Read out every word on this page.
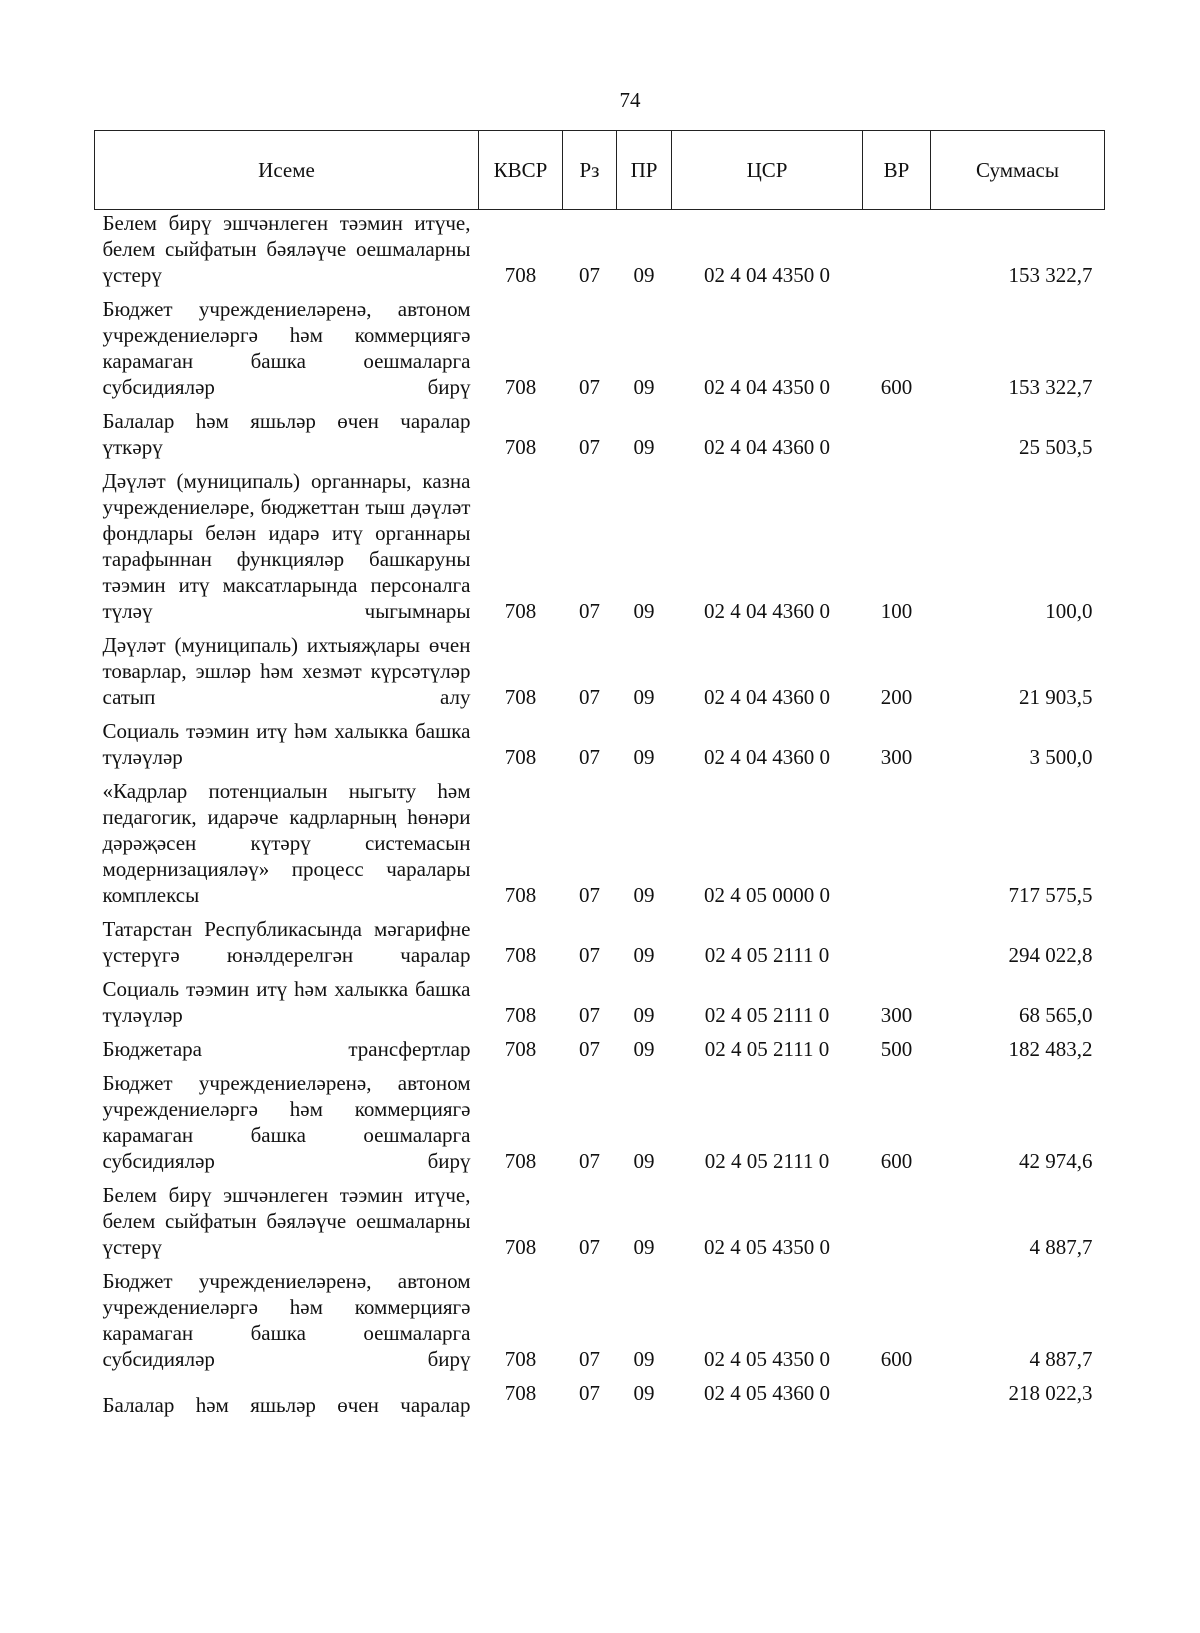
74
Исеме	КВСР	Рз	ПР	ЦСР	ВР	Суммасы
Белем бирү эшчәнлеген тәэмин итүче, белем сыйфатын бәяләүче оешмаларны үстерү	708	07	09	02 4 04 4350 0		153 322,7
Бюджет учреждениеләренә, автоном учреждениеләргә һәм коммерциягә карамаган башка оешмаларга субсидияләр бирү	708	07	09	02 4 04 4350 0	600	153 322,7
Балалар һәм яшьләр өчен чаралар үткәрү	708	07	09	02 4 04 4360 0		25 503,5
Дәүләт (муниципаль) органнары, казна учреждениеләре, бюджеттан тыш дәүләт фондлары белән идарә итү органнары тарафыннан функцияләр башкаруны тәэмин итү максатларында персоналга түләү чыгымнары	708	07	09	02 4 04 4360 0	100	100,0
Дәүләт (муниципаль) ихтыяҗлары өчен товарлар, эшләр һәм хезмәт күрсәтүләр сатып алу	708	07	09	02 4 04 4360 0	200	21 903,5
Социаль тәэмин итү һәм халыкка башка түләүләр	708	07	09	02 4 04 4360 0	300	3 500,0
«Кадрлар потенциалын ныгыту һәм педагогик, идарәче кадрларның һөнәри дәрәҗәсен күтәрү системасын модернизацияләү» процесс чаралары комплексы	708	07	09	02 4 05 0000 0		717 575,5
Татарстан Республикасында мәгарифне үстерүгә юнәлдерелгән чаралар	708	07	09	02 4 05 2111 0		294 022,8
Социаль тәэмин итү һәм халыкка башка түләүләр	708	07	09	02 4 05 2111 0	300	68 565,0
Бюджетара трансфертлар	708	07	09	02 4 05 2111 0	500	182 483,2
Бюджет учреждениеләренә, автоном учреждениеләргә һәм коммерциягә карамаган башка оешмаларга субсидияләр бирү	708	07	09	02 4 05 2111 0	600	42 974,6
Белем бирү эшчәнлеген тәэмин итүче, белем сыйфатын бәяләүче оешмаларны үстерү	708	07	09	02 4 05 4350 0		4 887,7
Бюджет учреждениеләренә, автоном учреждениеләргә һәм коммерциягә карамаган башка оешмаларга субсидияләр бирү	708	07	09	02 4 05 4350 0	600	4 887,7
Балалар һәм яшьләр өчен чаралар	708	07	09	02 4 05 4360 0		218 022,3
